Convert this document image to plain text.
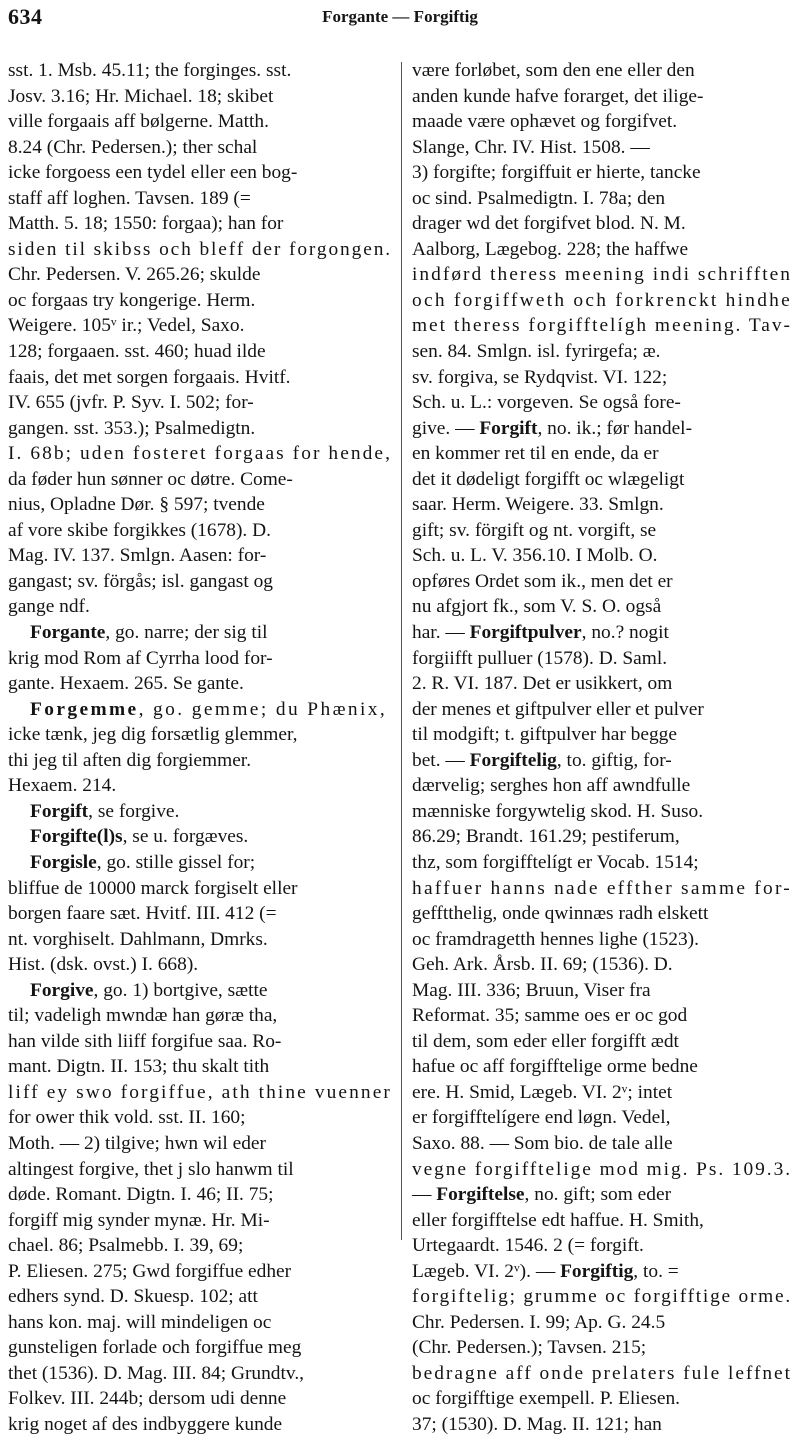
634	Forgante — Forgiftig
sst. 1. Msb. 45.11; the forginges. sst.
Josv. 3.16; Hr. Michael. 18; skibet
ville forgaais aff bølgerne. Matth.
8.24 (Chr. Pedersen.); ther schal
icke forgoess een tydel eller een bog-
staff aff loghen. Tavsen. 189 (=
Matth. 5. 18; 1550: forgaa); han for
siden til skibss och bleff der forgongen.
Chr. Pedersen. V. 265.26; skulde
oc forgaas try kongerige. Herm.
Weigere. 105ᵛ ir.; Vedel, Saxo.
128; forgaaen. sst. 460; huad ilde
faais, det met sorgen forgaais. Hvitf.
IV. 655 (jvfr. P. Syv. I. 502; for-
gangen. sst. 353.); Psalmedigtn.
I. 68b; uden fosteret forgaas for hende,
da føder hun sønner oc døtre. Come-
nius, Opladne Dør. § 597; tvende
af vore skibe forgikkes (1678). D.
Mag. IV. 137. Smlgn. Aasen: for-
gangast; sv. förgås; isl. gangast og
gange ndf.
Forgante, go. narre; der sig til
krig mod Rom af Cyrrha lood for-
gante. Hexaem. 265. Se gante.
Forgemme, go. gemme; du Phænix,
icke tænk, jeg dig forsætlig glemmer,
thi jeg til aften dig forgiemmer.
Hexaem. 214.
Forgift, se forgive.
Forgifte(l)s, se u. forgæves.
Forgisle, go. stille gissel for;
bliffue de 10000 marck forgiselt eller
borgen faare sæt. Hvitf. III. 412 (=
nt. vorghiselt. Dahlmann, Dmrks.
Hist. (dsk. ovst.) I. 668).
Forgive, go. 1) bortgive, sætte
til; vadeligh mwndæ han gøræ tha,
han vilde sith liiff forgifue saa. Ro-
mant. Digtn. II. 153; thu skalt tith
liff ey swo forgiffue, ath thine vuenner
for ower thik vold. sst. II. 160;
Moth. — 2) tilgive; hwn wil eder
altingest forgive, thet j slo hanwm til
døde. Romant. Digtn. I. 46; II. 75;
forgiff mig synder mynæ. Hr. Mi-
chael. 86; Psalmebb. I. 39, 69;
P. Eliesen. 275; Gwd forgiffue edher
edhers synd. D. Skuesp. 102; att
hans kon. maj. will mindeligen oc
gunsteligen forlade och forgiffue meg
thet (1536). D. Mag. III. 84; Grundtv.,
Folkev. III. 244b; dersom udi denne
krig noget af des indbyggere kunde
være forløbet, som den ene eller den
anden kunde hafve forarget, det ilige-
maade være ophævet og forgifvet.
Slange, Chr. IV. Hist. 1508. —
3) forgifte; forgiffuit er hierte, tancke
oc sind. Psalmedigtn. I. 78a; den
drager wd det forgifvet blod. N. M.
Aalborg, Lægebog. 228; the haffwe
indførd theress meening indi schrifften
och forgiffweth och forkrenckt hindhe
met theress forgifftelígh meening. Tav-
sen. 84. Smlgn. isl. fyrirgefa; æ.
sv. forgiva, se Rydqvist. VI. 122;
Sch. u. L.: vorgeven. Se også fore-
give. — Forgift, no. ik.; før handel-
en kommer ret til en ende, da er
det it dødeligt forgifft oc wlægeligt
saar. Herm. Weigere. 33. Smlgn.
gift; sv. förgift og nt. vorgift, se
Sch. u. L. V. 356.10. I Molb. O.
opføres Ordet som ik., men det er
nu afgjort fk., som V. S. O. også
har. — Forgiftpulver, no.? nogit
forgiifft pulluer (1578). D. Saml.
2. R. VI. 187. Det er usikkert, om
der menes et giftpulver eller et pulver
til modgift; t. giftpulver har begge
bet. — Forgiftelig, to. giftig, for-
dærvelig; serghes hon aff awndfulle
mænniske forgywtelig skod. H. Suso.
86.29; Brandt. 161.29; pestiferum,
thz, som forgifftelígt er Vocab. 1514;
haffuer hanns nade effther samme for-
gefftthelig, onde qwinnæs radh elskett
oc framdragetth hennes lighe (1523).
Geh. Ark. Årsb. II. 69; (1536). D.
Mag. III. 336; Bruun, Viser fra
Reformat. 35; samme oes er oc god
til dem, som eder eller forgifft ædt
hafue oc aff forgifftelige orme bedne
ere. H. Smid, Lægeb. VI. 2ᵛ; intet
er forgifftelígere end løgn. Vedel,
Saxo. 88. — Som bio. de tale alle
vegne forgifftelige mod mig. Ps. 109.3.
— Forgiftelse, no. gift; som eder
eller forgifftelse edt haffue. H. Smith,
Urtegaardt. 1546. 2 (= forgift.
Lægeb. VI. 2ᵛ). — Forgiftig, to. =
forgiftelig; grumme oc forgifftige orme.
Chr. Pedersen. I. 99; Ap. G. 24.5
(Chr. Pedersen.); Tavsen. 215;
bedragne aff onde prelaters fule leffnet
oc forgifftige exempell. P. Eliesen.
37; (1530). D. Mag. II. 121; han
